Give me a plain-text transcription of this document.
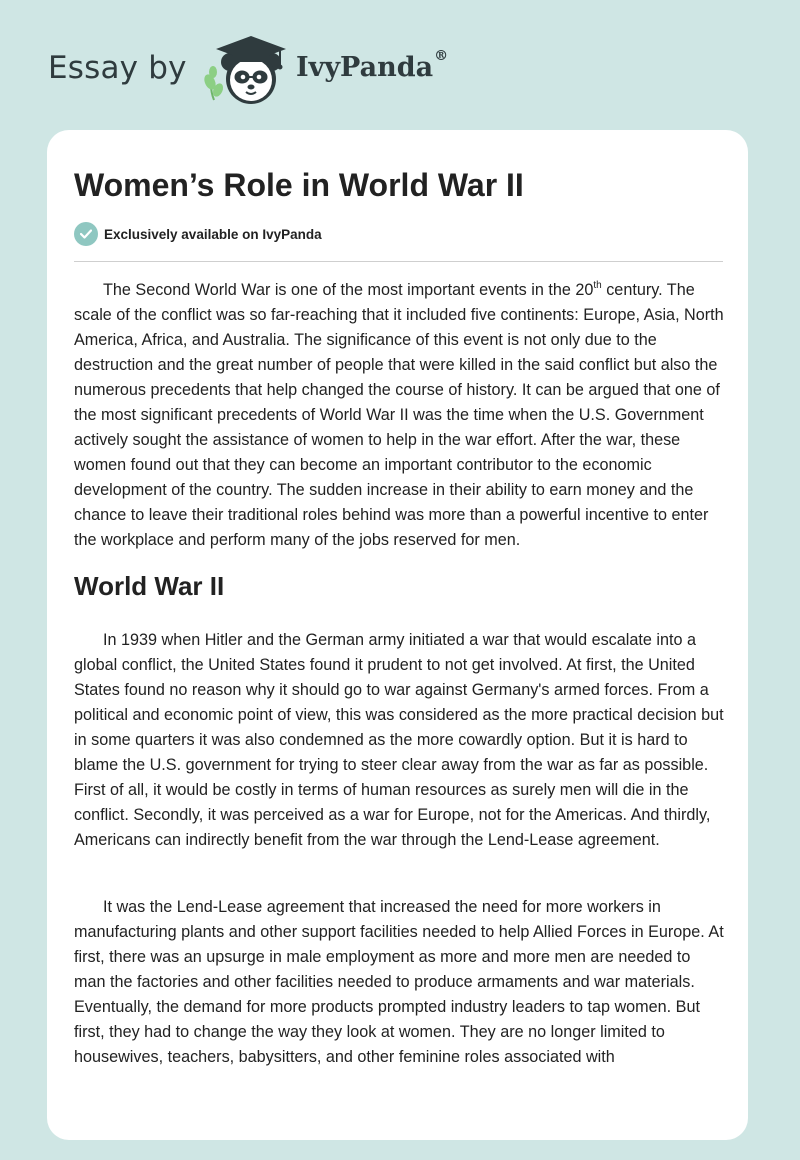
Essay by	IvyPanda®
Women’s Role in World War II
Exclusively available on IvyPanda

The Second World War is one of the most important events in the 20th century. The scale of the conflict was so far-reaching that it included five continents: Europe, Asia, North America, Africa, and Australia. The significance of this event is not only due to the destruction and the great number of people that were killed in the said conflict but also the numerous precedents that help changed the course of history. It can be argued that one of the most significant precedents of World War II was the time when the U.S. Government actively sought the assistance of women to help in the war effort. After the war, these women found out that they can become an important contributor to the economic development of the country. The sudden increase in their ability to earn money and the chance to leave their traditional roles behind was more than a powerful incentive to enter the workplace and perform many of the jobs reserved for men.

World War II

In 1939 when Hitler and the German army initiated a war that would escalate into a global conflict, the United States found it prudent to not get involved. At first, the United States found no reason why it should go to war against Germany's armed forces. From a political and economic point of view, this was considered as the more practical decision but in some quarters it was also condemned as the more cowardly option. But it is hard to blame the U.S. government for trying to steer clear away from the war as far as possible. First of all, it would be costly in terms of human resources as surely men will die in the conflict. Secondly, it was perceived as a war for Europe, not for the Americas. And thirdly, Americans can indirectly benefit from the war through the Lend-Lease agreement.

It was the Lend-Lease agreement that increased the need for more workers in manufacturing plants and other support facilities needed to help Allied Forces in Europe. At first, there was an upsurge in male employment as more and more men are needed to man the factories and other facilities needed to produce armaments and war materials. Eventually, the demand for more products prompted industry leaders to tap women. But first, they had to change the way they look at women. They are no longer limited to housewives, teachers, babysitters, and other feminine roles associated with
